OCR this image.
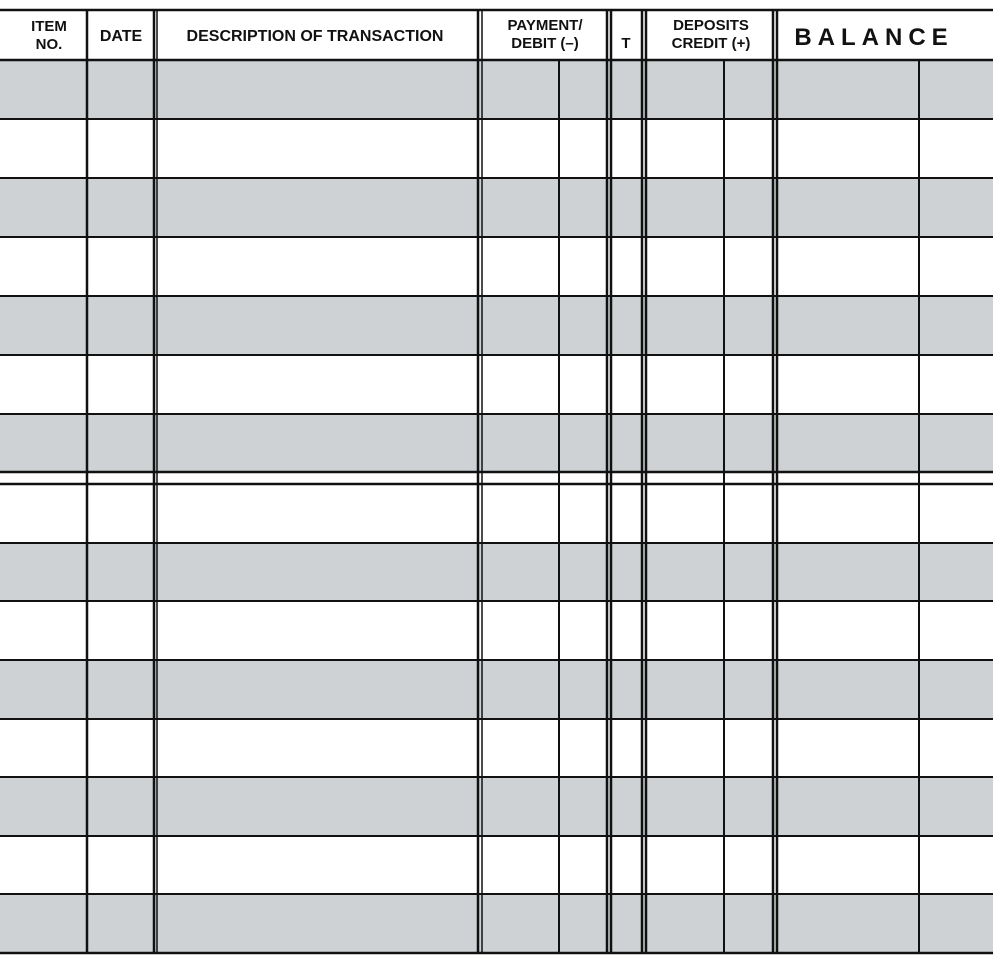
ITEM
NO. DATE	DESCRIPTION OF TRANSACTION
PAYMENT/
DEBIT (–)	T
DEPOSITS
CREDIT (+) BALANCE
